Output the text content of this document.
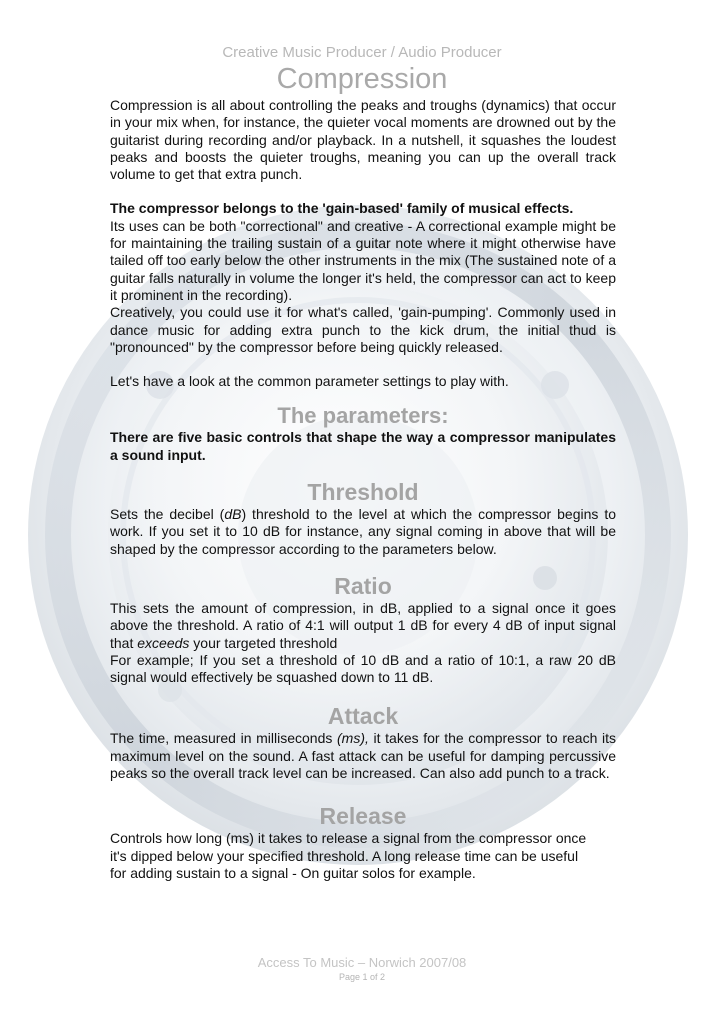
Creative Music Producer / Audio Producer
Compression

Compression is all about controlling the peaks and troughs (dynamics) that occur in your mix when, for instance, the quieter vocal moments are drowned out by the guitarist during recording and/or playback. In a nutshell, it squashes the loudest peaks and boosts the quieter troughs, meaning you can up the overall track volume to get that extra punch.

The compressor belongs to the 'gain-based' family of musical effects.

Its uses can be both "correctional" and creative - A correctional example might be for maintaining the trailing sustain of a guitar note where it might otherwise have tailed off too early below the other instruments in the mix (The sustained note of a guitar falls naturally in volume the longer it's held, the compressor can act to keep it prominent in the recording).

Creatively, you could use it for what's called, 'gain-pumping'. Commonly used in dance music for adding extra punch to the kick drum, the initial thud is "pronounced" by the compressor before being quickly released.

Let's have a look at the common parameter settings to play with.

The parameters:

There are five basic controls that shape the way a compressor manipulates a sound input.

Threshold

Sets the decibel (dB) threshold to the level at which the compressor begins to work. If you set it to 10 dB for instance, any signal coming in above that will be shaped by the compressor according to the parameters below.

Ratio

This sets the amount of compression, in dB, applied to a signal once it goes above the threshold. A ratio of 4:1 will output 1 dB for every 4 dB of input signal that exceeds your targeted threshold

For example; If you set a threshold of 10 dB and a ratio of 10:1, a raw 20 dB signal would effectively be squashed down to 11 dB.

Attack

The time, measured in milliseconds (ms), it takes for the compressor to reach its maximum level on the sound. A fast attack can be useful for damping percussive peaks so the overall track level can be increased. Can also add punch to a track.

Release

Controls how long (ms) it takes to release a signal from the compressor once
it's dipped below your specified threshold. A long release time can be useful
for adding sustain to a signal - On guitar solos for example.

Access To Music – Norwich 2007/08
Page 1 of 2
